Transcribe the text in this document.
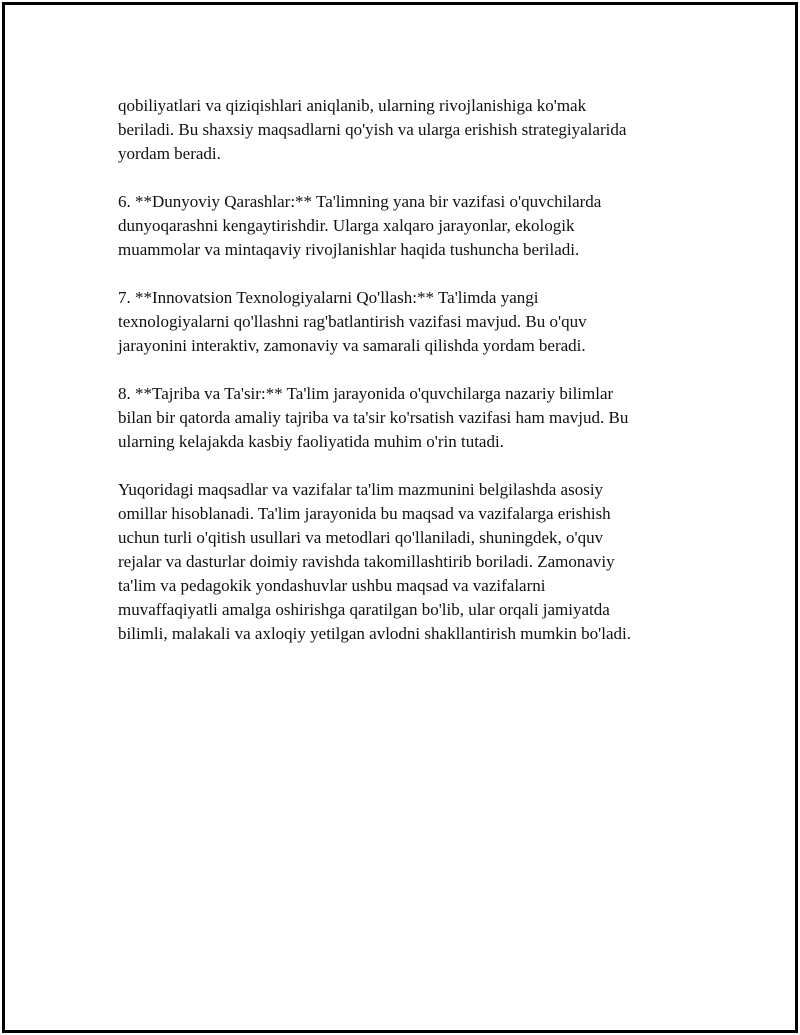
qobiliyatlari va qiziqishlari aniqlanib, ularning rivojlanishiga ko'mak
beriladi. Bu shaxsiy maqsadlarni qo'yish va ularga erishish strategiyalarida
yordam beradi.

6. **Dunyoviy Qarashlar:** Ta'limning yana bir vazifasi o'quvchilarda
dunyoqarashni kengaytirishdir. Ularga xalqaro jarayonlar, ekologik
muammolar va mintaqaviy rivojlanishlar haqida tushuncha beriladi.

7. **Innovatsion Texnologiyalarni Qo'llash:** Ta'limda yangi
texnologiyalarni qo'llashni rag'batlantirish vazifasi mavjud. Bu o'quv
jarayonini interaktiv, zamonaviy va samarali qilishda yordam beradi.

8. **Tajriba va Ta'sir:** Ta'lim jarayonida o'quvchilarga nazariy bilimlar
bilan bir qatorda amaliy tajriba va ta'sir ko'rsatish vazifasi ham mavjud. Bu
ularning kelajakda kasbiy faoliyatida muhim o'rin tutadi.

Yuqoridagi maqsadlar va vazifalar ta'lim mazmunini belgilashda asosiy
omillar hisoblanadi. Ta'lim jarayonida bu maqsad va vazifalarga erishish
uchun turli o'qitish usullari va metodlari qo'llaniladi, shuningdek, o'quv
rejalar va dasturlar doimiy ravishda takomillashtirib boriladi. Zamonaviy
ta'lim va pedagokik yondashuvlar ushbu maqsad va vazifalarni
muvaffaqiyatli amalga oshirishga qaratilgan bo'lib, ular orqali jamiyatda
bilimli, malakali va axloqiy yetilgan avlodni shakllantirish mumkin bo'ladi.
